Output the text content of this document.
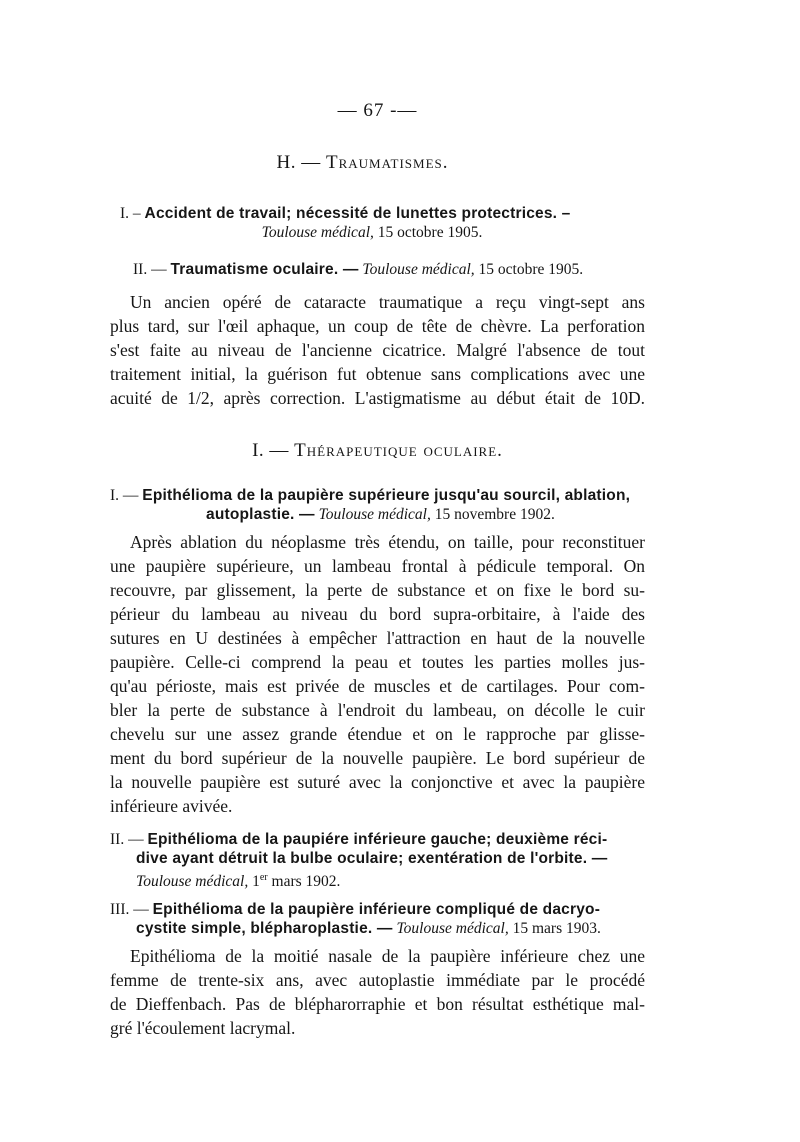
— 67 -—
H. — Traumatismes.
I. – Accident de travail; nécessité de lunettes protectrices. –
Toulouse médical, 15 octobre 1905.
II. — Traumatisme oculaire. — Toulouse médical, 15 octobre 1905.
Un ancien opéré de cataracte traumatique a reçu vingt-sept ans
plus tard, sur l'œil aphaque, un coup de tête de chèvre. La perforation
s'est faite au niveau de l'ancienne cicatrice. Malgré l'absence de tout
traitement initial, la guérison fut obtenue sans complications avec une
acuité de 1/2, après correction. L'astigmatisme au début était de 10D.
I. — Thérapeutique oculaire.
I. — Epithélioma de la paupière supérieure jusqu'au sourcil, ablation,
autoplastie. — Toulouse médical, 15 novembre 1902.
Après ablation du néoplasme très étendu, on taille, pour reconstituer
une paupière supérieure, un lambeau frontal à pédicule temporal. On
recouvre, par glissement, la perte de substance et on fixe le bord su-
périeur du lambeau au niveau du bord supra-orbitaire, à l'aide des
sutures en U destinées à empêcher l'attraction en haut de la nouvelle
paupière. Celle-ci comprend la peau et toutes les parties molles jus-
qu'au périoste, mais est privée de muscles et de cartilages. Pour com-
bler la perte de substance à l'endroit du lambeau, on décolle le cuir
chevelu sur une assez grande étendue et on le rapproche par glisse-
ment du bord supérieur de la nouvelle paupière. Le bord supérieur de
la nouvelle paupière est suturé avec la conjonctive et avec la paupière
inférieure avivée.
II. — Epithélioma de la paupiére inférieure gauche; deuxième réci-
dive ayant détruit la bulbe oculaire; exentération de l'orbite. —
Toulouse médical, 1er mars 1902.
III. — Epithélioma de la paupière inférieure compliqué de dacryo-
cystite simple, blépharoplastie. — Toulouse médical, 15 mars 1903.
Epithélioma de la moitié nasale de la paupière inférieure chez une
femme de trente-six ans, avec autoplastie immédiate par le procédé
de Dieffenbach. Pas de blépharorraphie et bon résultat esthétique mal-
gré l'écoulement lacrymal.
